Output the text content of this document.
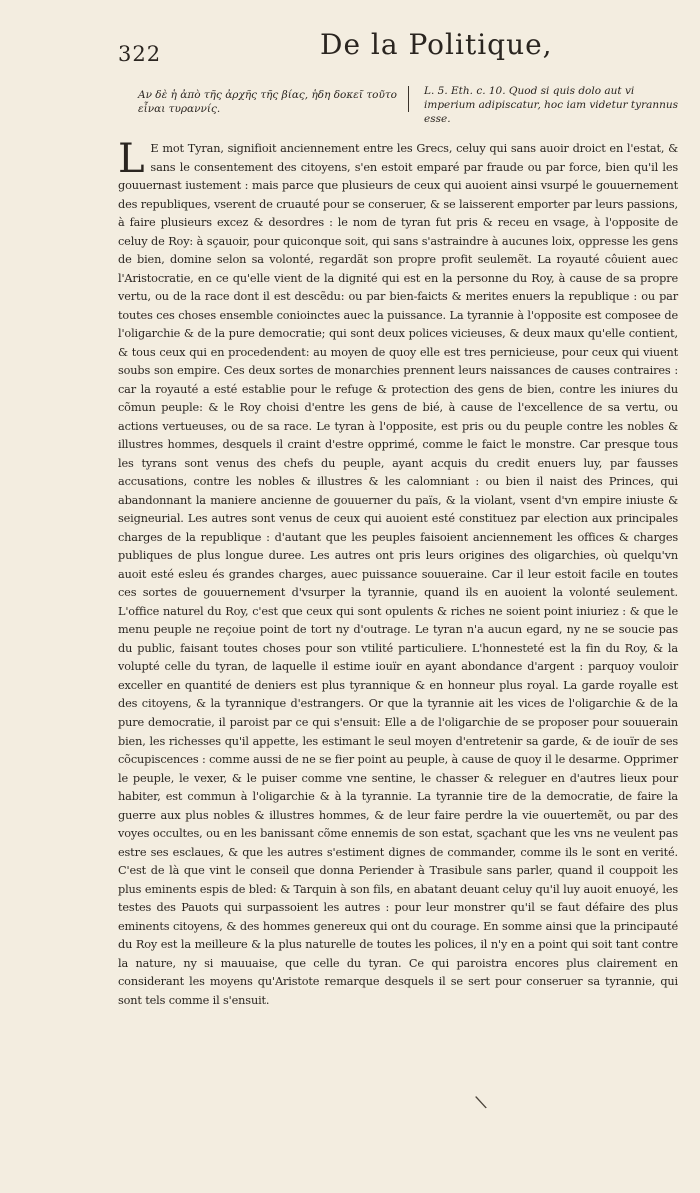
322	De la Politique,
Αν δὲ ἡ ἀπὸ τῆς ἀρχῆς τῆς βίας, ἡδη δοκεῖ τοῦτο εἶναι τυραννίς.
L. 5. Eth. c. 10. Quod si quis dolo aut vi imperium adipiscatur, hoc iam videtur tyrannus esse.

L E mot Tyran, signifioit anciennement entre les Grecs, celuy qui sans auoir droict en l'estat, & sans le consentement des citoyens, s'en estoit emparé par fraude ou par force, bien qu'il les gouuernast iustement : mais parce que plusieurs de ceux qui auoient ainsi vsurpé le gouuernement des republiques, vserent de cruauté pour se conseruer, & se laisserent emporter par leurs passions, à faire plusieurs excez & desordres : le nom de tyran fut pris & receu en vsage, à l'opposite de celuy de Roy: à sçauoir, pour quiconque soit, qui sans s'astraindre à aucunes loix, oppresse les gens de bien, domine selon sa volonté, regardãt son propre profit seulemẽt. La royauté côuient auec l'Aristocratie, en ce qu'elle vient de la dignité qui est en la personne du Roy, à cause de sa propre vertu, ou de la race dont il est descẽdu: ou par bien-faicts & merites enuers la republique : ou par toutes ces choses ensemble conioinctes auec la puissance. La tyrannie à l'opposite est composee de l'oligarchie & de la pure democratie; qui sont deux polices vicieuses, & deux maux qu'elle contient, & tous ceux qui en procedendent: au moyen de quoy elle est tres pernicieuse, pour ceux qui viuent soubs son empire. Ces deux sortes de monarchies prennent leurs naissances de causes contraires : car la royauté a esté establie pour le refuge & protection des gens de bien, contre les iniures du cõmun peuple: & le Roy choisi d'entre les gens de bié, à cause de l'excellence de sa vertu, ou actions vertueuses, ou de sa race. Le tyran à l'opposite, est pris ou du peuple contre les nobles & illustres hommes, desquels il craint d'estre opprimé, comme le faict le monstre. Car presque tous les tyrans sont venus des chefs du peuple, ayant acquis du credit enuers luy, par fausses accusations, contre les nobles & illustres & les calomniant : ou bien il naist des Princes, qui abandonnant la maniere ancienne de gouuerner du païs, & la violant, vsent d'vn empire iniuste & seigneurial. Les autres sont venus de ceux qui auoient esté constituez par election aux principales charges de la republique : d'autant que les peuples faisoient anciennement les offices & charges publiques de plus longue duree. Les autres ont pris leurs origines des oligarchies, où quelqu'vn auoit esté esleu és grandes charges, auec puissance souueraine. Car il leur estoit facile en toutes ces sortes de gouuernement d'vsurper la tyrannie, quand ils en auoient la volonté seulement. L'office naturel du Roy, c'est que ceux qui sont opulents & riches ne soient point iniuriez : & que le menu peuple ne reçoiue point de tort ny d'outrage. Le tyran n'a aucun egard, ny ne se soucie pas du public, faisant toutes choses pour son vtilité particuliere. L'honnesteté est la fin du Roy, & la volupté celle du tyran, de laquelle il estime iouïr en ayant abondance d'argent : parquoy vouloir exceller en quantité de deniers est plus tyrannique & en honneur plus royal. La garde royalle est des citoyens, & la tyrannique d'estrangers. Or que la tyrannie ait les vices de l'oligarchie & de la pure democratie, il paroist par ce qui s'ensuit: Elle a de l'oligarchie de se proposer pour souuerain bien, les richesses qu'il appette, les estimant le seul moyen d'entretenir sa garde, & de iouïr de ses cõcupiscences : comme aussi de ne se fier point au peuple, à cause de quoy il le desarme. Opprimer le peuple, le vexer, & le puiser comme vne sentine, le chasser & releguer en d'autres lieux pour habiter, est commun à l'oligarchie & à la tyrannie. La tyrannie tire de la democratie, de faire la guerre aux plus nobles & illustres hommes, & de leur faire perdre la vie ouuertemẽt, ou par des voyes occultes, ou en les banissant cõme ennemis de son estat, sçachant que les vns ne veulent pas estre ses esclaues, & que les autres s'estiment dignes de commander, comme ils le sont en verité. C'est de là que vint le conseil que donna Periender à Trasibule sans parler, quand il couppoit les plus eminents espis de bled: & Tarquin à son fils, en abatant deuant celuy qu'il luy auoit enuoyé, les testes des Pauots qui surpassoient les autres : pour leur monstrer qu'il se faut défaire des plus eminents citoyens, & des hommes genereux qui ont du courage. En somme ainsi que la principauté du Roy est la meilleure & la plus naturelle de toutes les polices, il n'y en a point qui soit tant contre la nature, ny si mauuaise, que celle du tyran. Ce qui paroistra encores plus clairement en considerant les moyens qu'Aristote remarque desquels il se sert pour conseruer sa tyrannie, qui sont tels comme il s'ensuit.

\
